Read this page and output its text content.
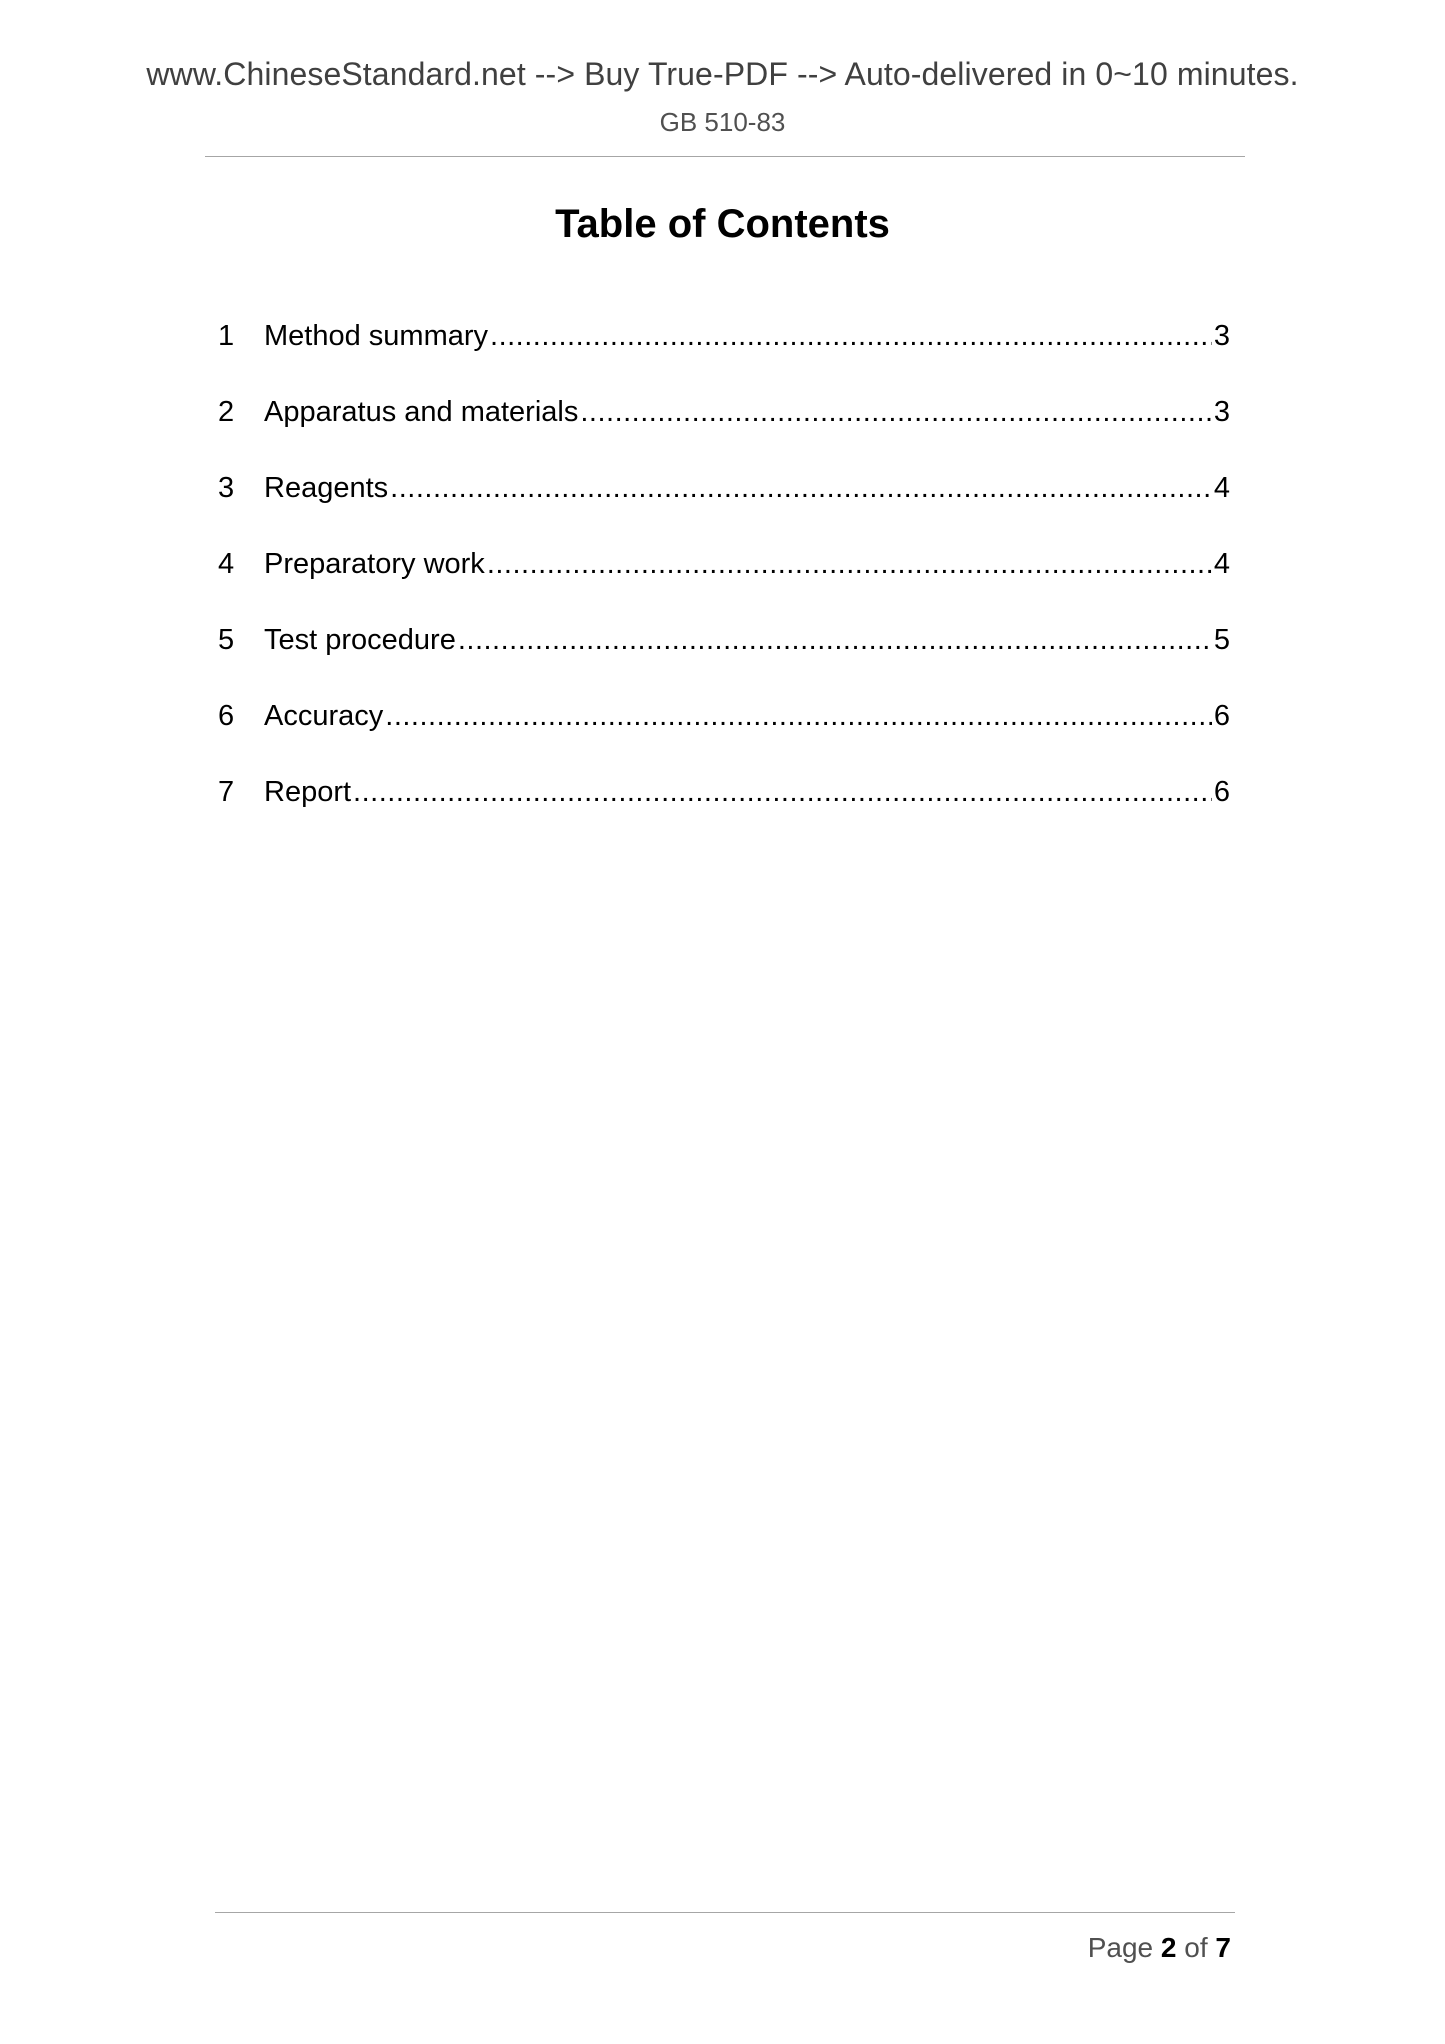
www.ChineseStandard.net --> Buy True-PDF --> Auto-delivered in 0~10 minutes.
GB 510-83
Table of Contents
1	Method summary .....	3
2	Apparatus and materials .....	3
3	Reagents .....	4
4	Preparatory work .....	4
5	Test procedure .....	5
6	Accuracy .....	6
7	Report .....	6
Page 2 of 7
